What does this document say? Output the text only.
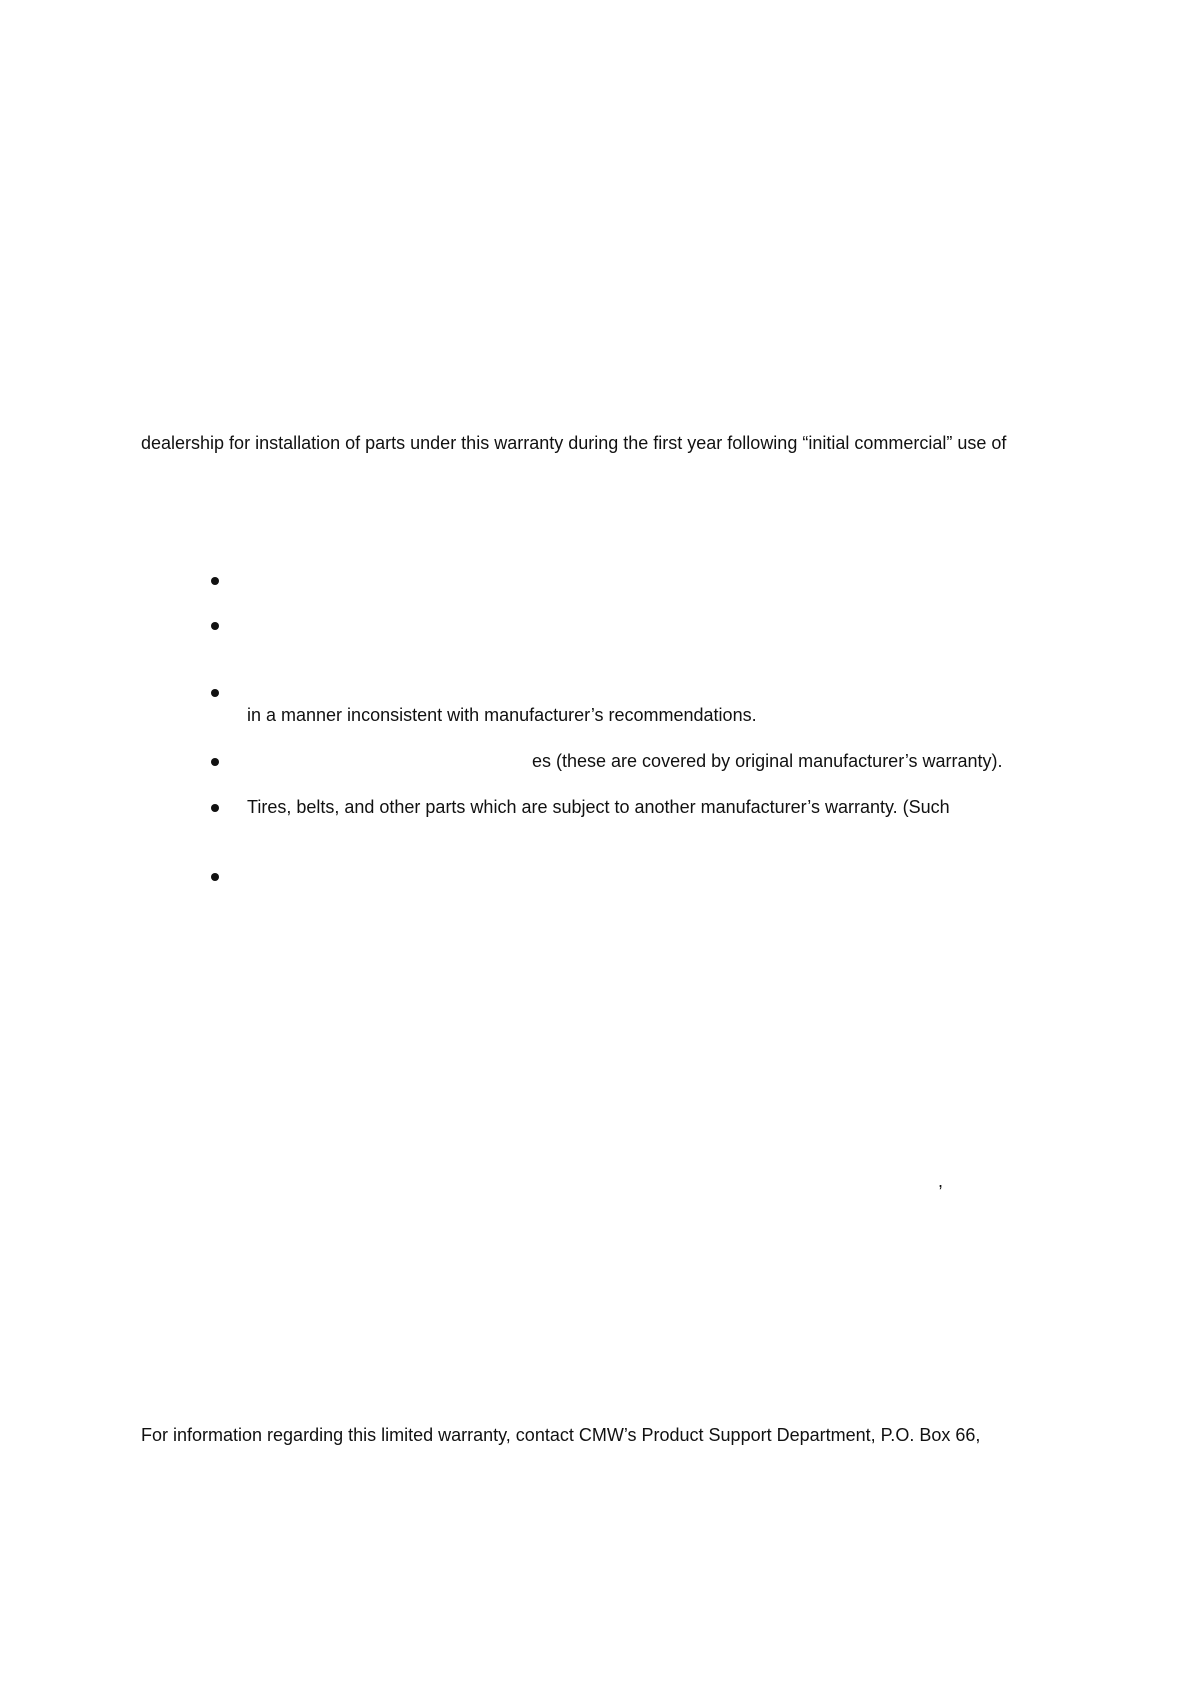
dealership for installation of parts under this warranty during the first year following “initial commercial” use of

in a manner inconsistent with manufacturer’s recommendations.

es (these are covered by original manufacturer’s warranty).

Tires, belts, and other parts which are subject to another manufacturer’s warranty. (Such

,

For information regarding this limited warranty, contact CMW’s Product Support Department, P.O. Box 66,
